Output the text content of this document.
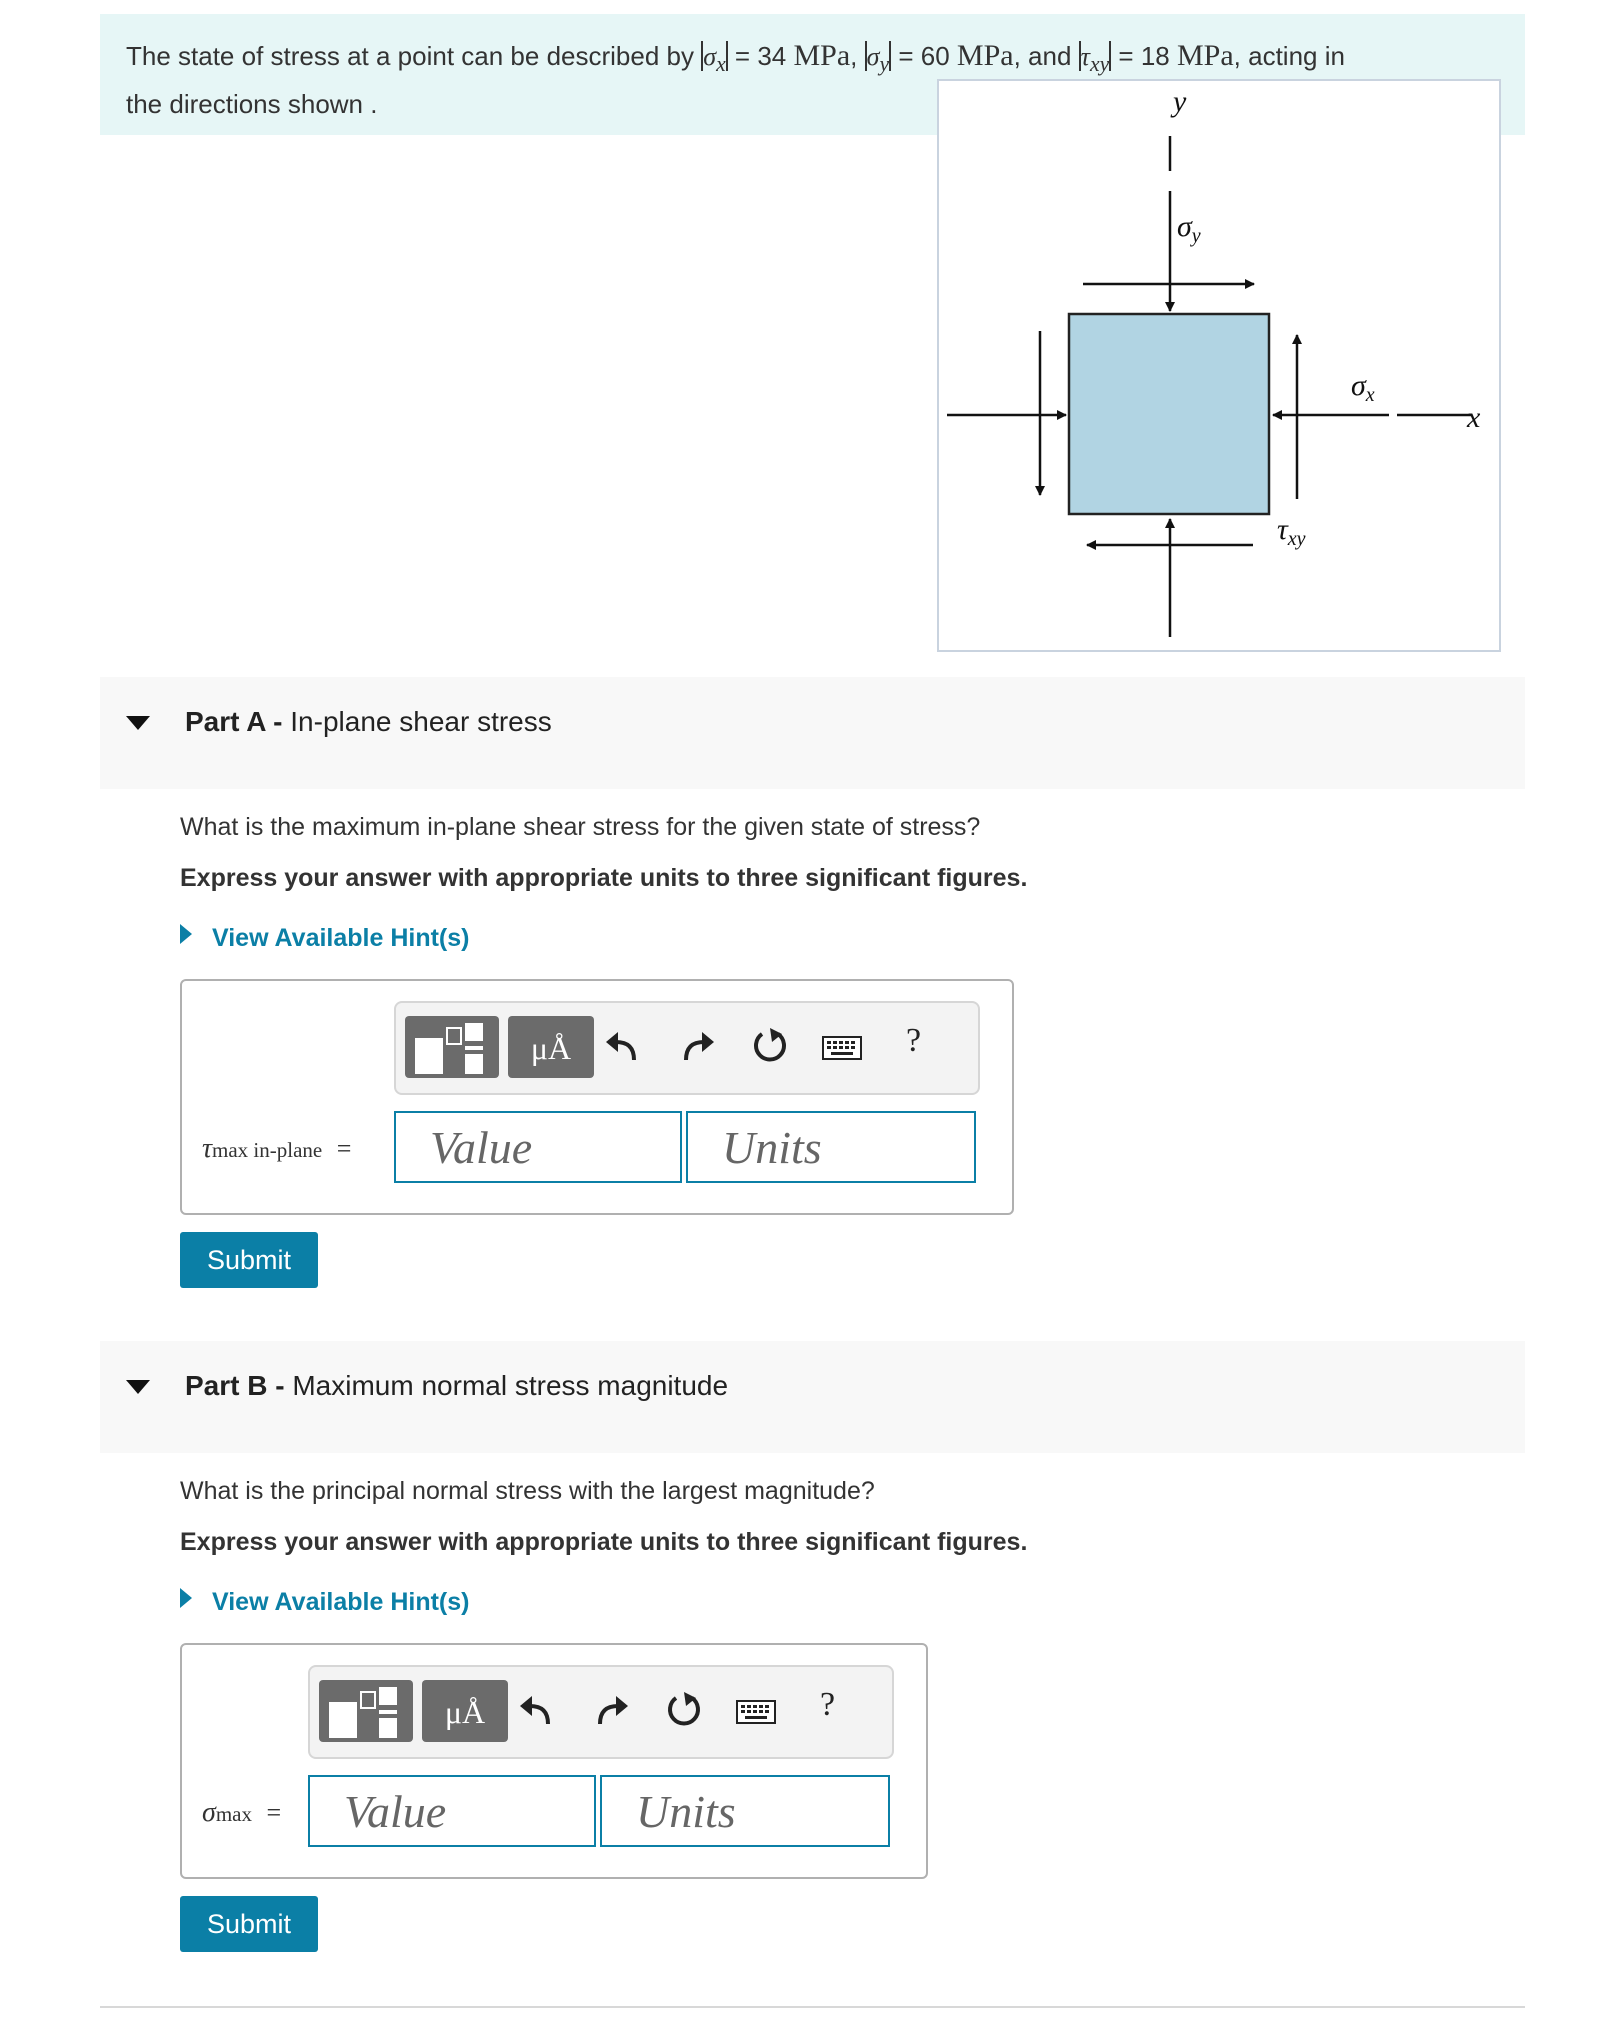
The state of stress at a point can be described by $\sigma_x = 34$ MPa, $\sigma_y = 60$ MPa, and $\tau_{xy} = 18$ MPa, acting in
the directions shown .	y
$\sigma_y$
x
$\sigma_x$
$\tau_{xy}$
Part A - In-plane shear stress
What is the maximum in-plane shear stress for the given state of stress?
Express your answer with appropriate units to three significant figures.
View Available Hint(s)
μÅ	?
τmax in-plane =	Value	Units
Submit
Part B - Maximum normal stress magnitude
What is the principal normal stress with the largest magnitude?
Express your answer with appropriate units to three significant figures.
View Available Hint(s)
μÅ	?
σmax =	Value	Units
Submit
